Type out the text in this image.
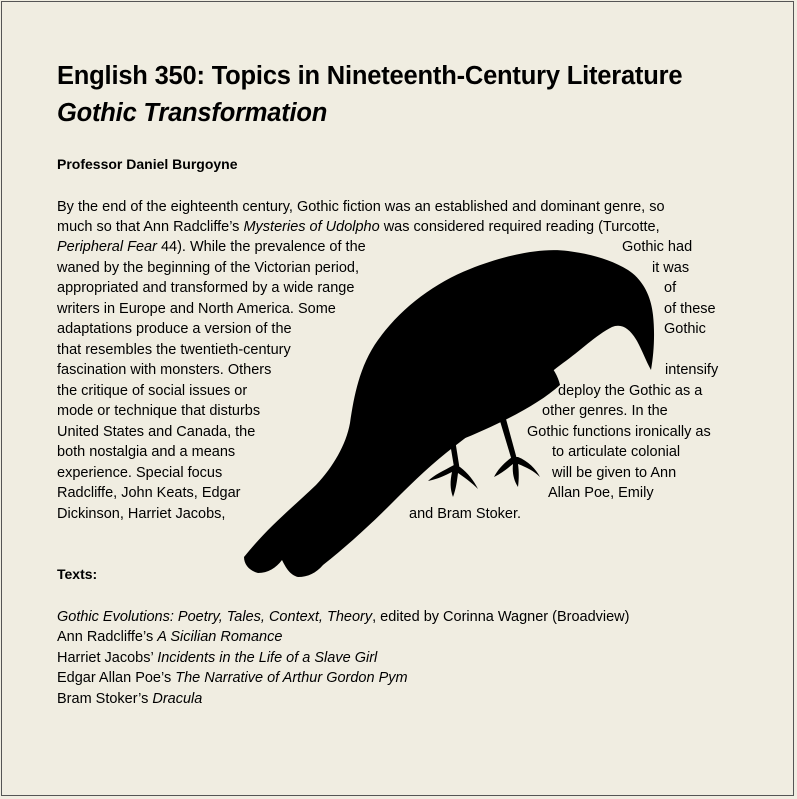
English 350: Topics in Nineteenth-Century Literature
Gothic Transformation
Professor Daniel Burgoyne
By the end of the eighteenth century, Gothic fiction was an established and dominant genre, so
much so that Ann Radcliffe’s Mysteries of Udolpho was considered required reading (Turcotte,
Peripheral Fear 44). While the prevalence of the	Gothic had
waned by the beginning of the Victorian period,	it was
appropriated and transformed by a wide range	of
writers in Europe and North America. Some	of these
adaptations produce a version of the	Gothic
that resembles the twentieth-century
fascination with monsters. Others	intensify
the critique of social issues or	deploy the Gothic as a
mode or technique that disturbs	other genres. In the
United States and Canada, the	Gothic functions ironically as
both nostalgia and a means	to articulate colonial
experience. Special focus	will be given to Ann
Radcliffe, John Keats, Edgar	Allan Poe, Emily
Dickinson, Harriet Jacobs,	and Bram Stoker.
Texts:
Gothic Evolutions: Poetry, Tales, Context, Theory, edited by Corinna Wagner (Broadview)
Ann Radcliffe’s A Sicilian Romance
Harriet Jacobs’ Incidents in the Life of a Slave Girl
Edgar Allan Poe’s The Narrative of Arthur Gordon Pym
Bram Stoker’s Dracula
